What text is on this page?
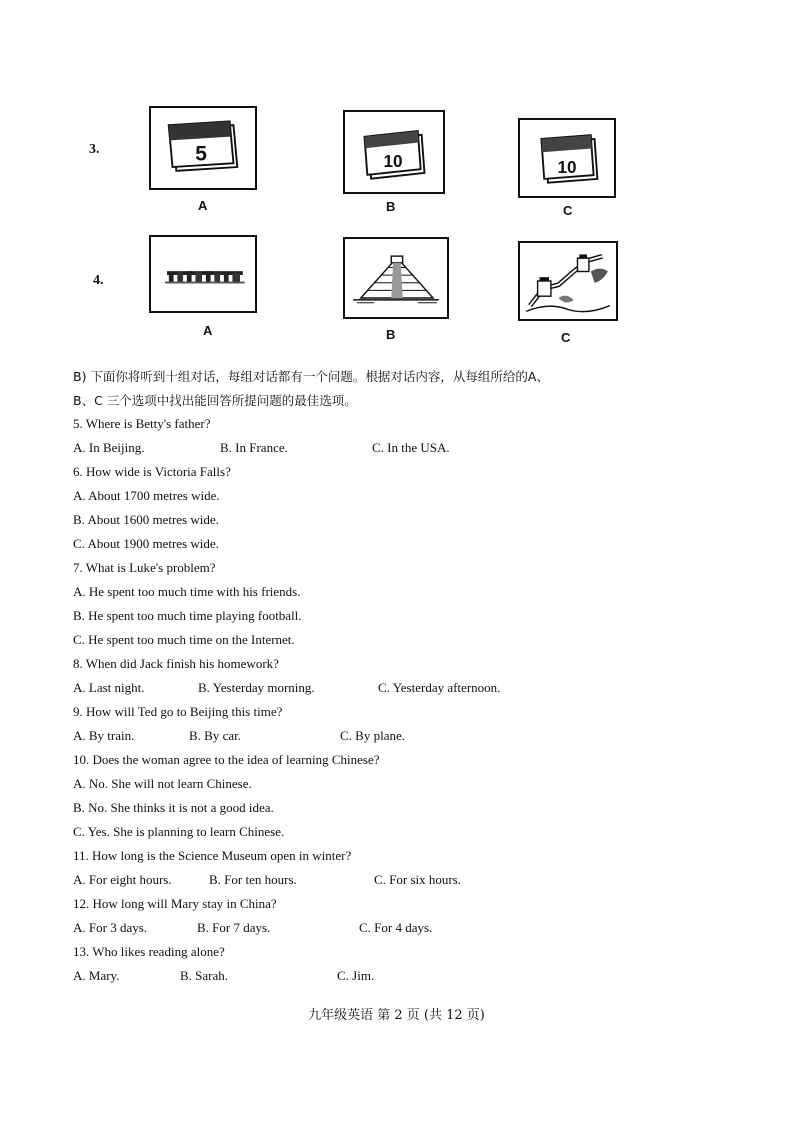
3.	5
A
10
B
10
C
4.
A	B	C
B) 下面你将听到十组对话，每组对话都有一个问题。根据对话内容，从每组所给的A、
B、C 三个选项中找出能回答所提问题的最佳选项。
5. Where is Betty's father?
A. In Beijing.	B. In France.	C. In the USA.
6. How wide is Victoria Falls?
A. About 1700 metres wide.
B. About 1600 metres wide.
C. About 1900 metres wide.
7. What is Luke's problem?
A. He spent too much time with his friends.
B. He spent too much time playing football.
C. He spent too much time on the Internet.
8. When did Jack finish his homework?
A. Last night.	B. Yesterday morning.	C. Yesterday afternoon.
9. How will Ted go to Beijing this time?
A. By train.	B. By car.	C. By plane.
10. Does the woman agree to the idea of learning Chinese?
A. No. She will not learn Chinese.
B. No. She thinks it is not a good idea.
C. Yes. She is planning to learn Chinese.
11. How long is the Science Museum open in winter?
A. For eight hours.	B. For ten hours.	C. For six hours.
12. How long will Mary stay in China?
A. For 3 days.	B. For 7 days.	C. For 4 days.
13. Who likes reading alone?
A. Mary.	B. Sarah.	C. Jim.
九年级英语 第 2 页 (共 12 页)
